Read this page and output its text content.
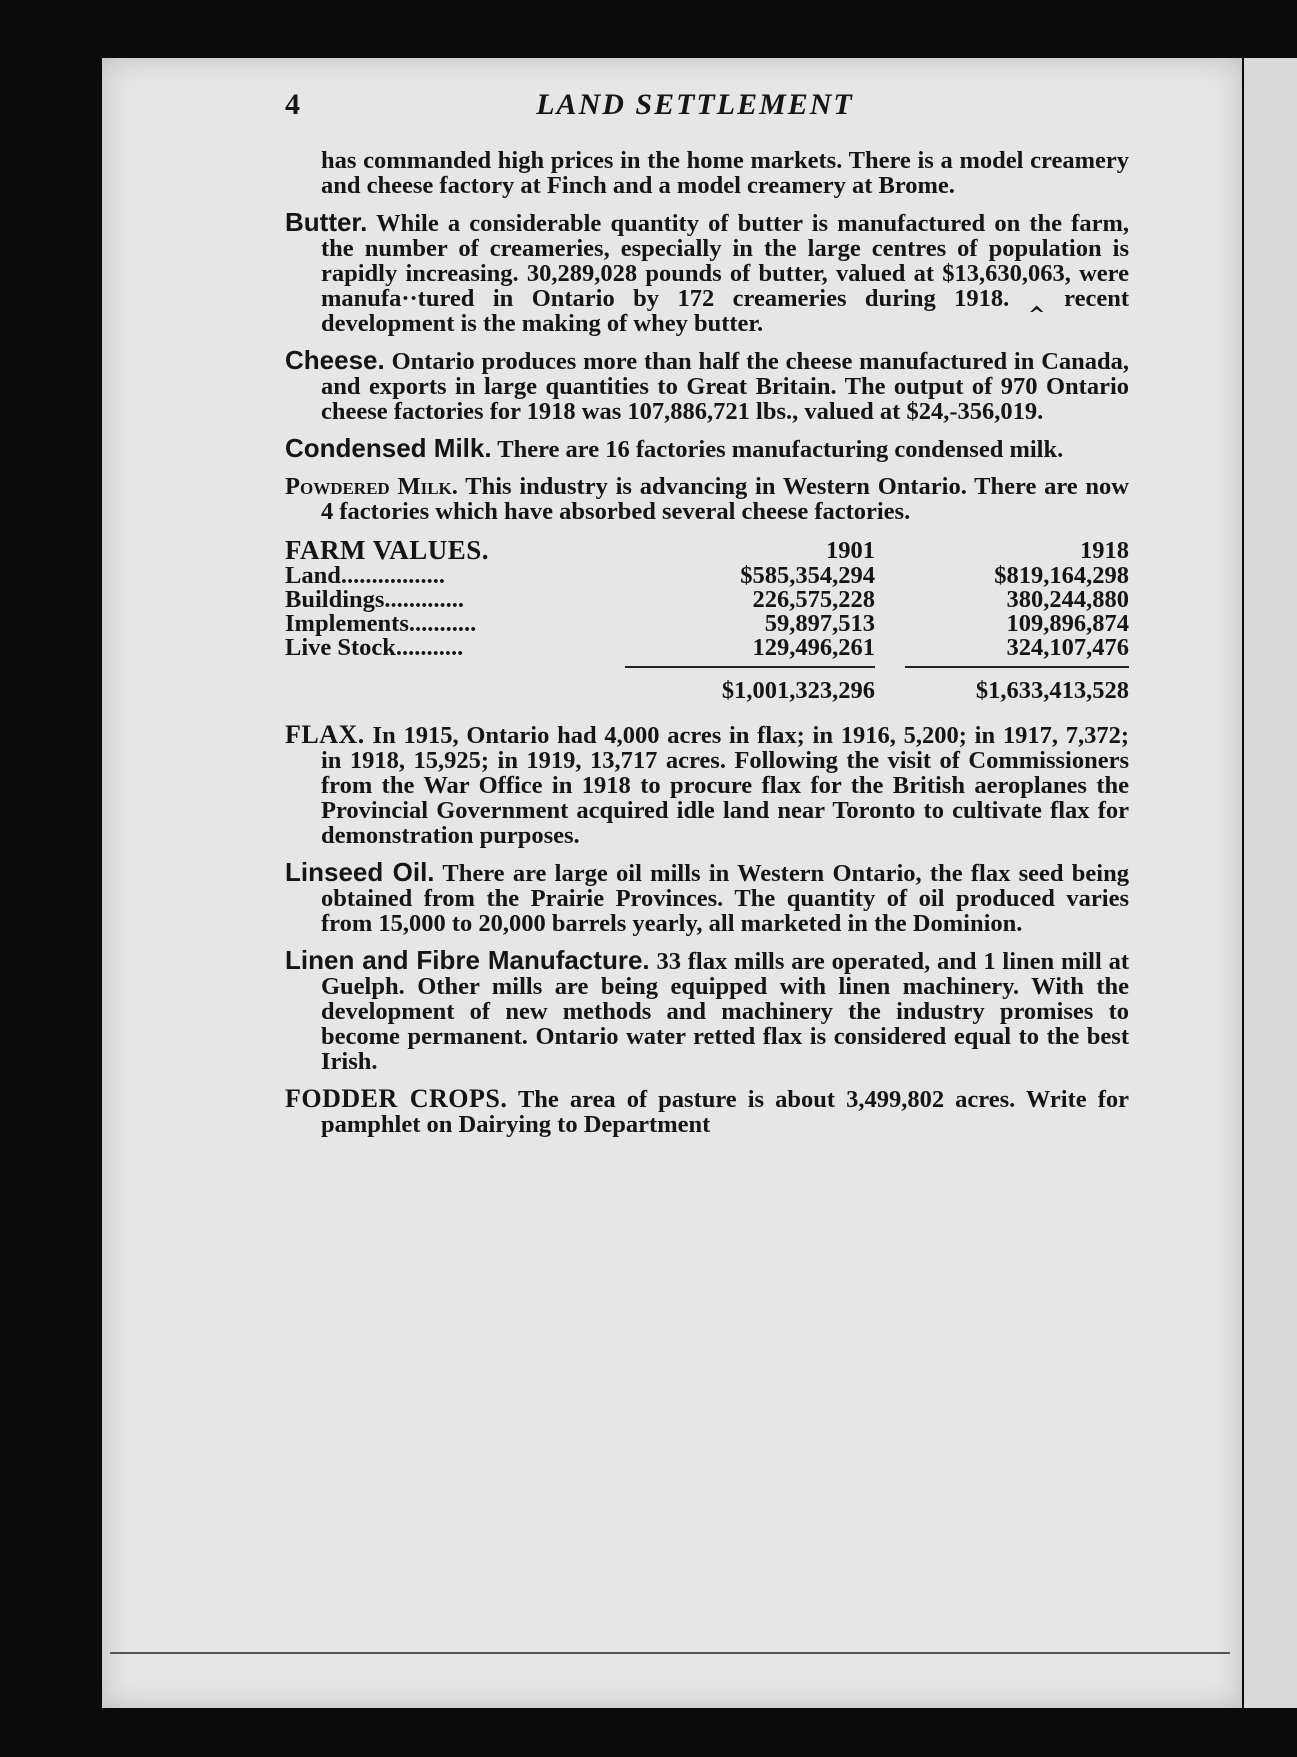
4	LAND SETTLEMENT

has commanded high prices in the home m​arkets. There is a model creamery and cheese factory at Finch and a model creamery at Brome.

Butter. While a considerable quantity of butter is manufactured on the farm, the number of creameries, especially in the large centres of population is rapidly increasing. 30,289,028 pounds of butter, valued at $13,630,063, were manufa··tured in Ontario by 172 creameries during 1918. ‸ recent development is the making of whey butter.

Cheese. Ontario produces more than half the cheese manufactured in Canada, and exports in large quantities to Great Britain. The output of 970 Ontario cheese factories for 1918 was 107,886,721 lbs., valued at $24,-356,019.

Condensed Milk. There are 16 factories manufacturing condensed milk.

Powdered Milk. This industry is advancing in Western Ontario. There are now 4 factories which have absorbed several cheese factories.

FARM VALUES.	1901	1918
Land.................	$585,354,294	$819,164,298
Buildings.............	226,575,228	380,244,880
Implements...........	59,897,513	109,896,874
Live Stock...........	129,496,261	324,107,476

	$1,001,323,296	$1,633,413,528

FLAX. In 1915, Ontario had 4,000 acres in flax; in 1916, 5,200; in 1917, 7,372; in 1918, 15,925; in 1919, 13,717 acres. Following the visit of Commissioners from the War Office in 1918 to procure flax for the British aeroplanes the Provincial Government acquired idle land near Toronto to cultivate flax for demonstration purposes.

Linseed Oil. There are large oil mills in Western Ontario, the flax seed being obtained from the Prairie Provinces. The quantity of oil produced varies from 15,000 to 20,000 barrels yearly, all marketed in the Dominion.

Linen and Fibre Manufacture. 33 flax mills are operated, and 1 linen mill at Guelph. Other mills are being equipped with linen machinery. With the development of new methods and machinery the industry promises to become permanent. Ontario water retted flax is considered equal to the best Irish.

FODDER CROPS. The area of pasture is about 3,499,802 acres. Write for pamphlet on Dairying to Department
